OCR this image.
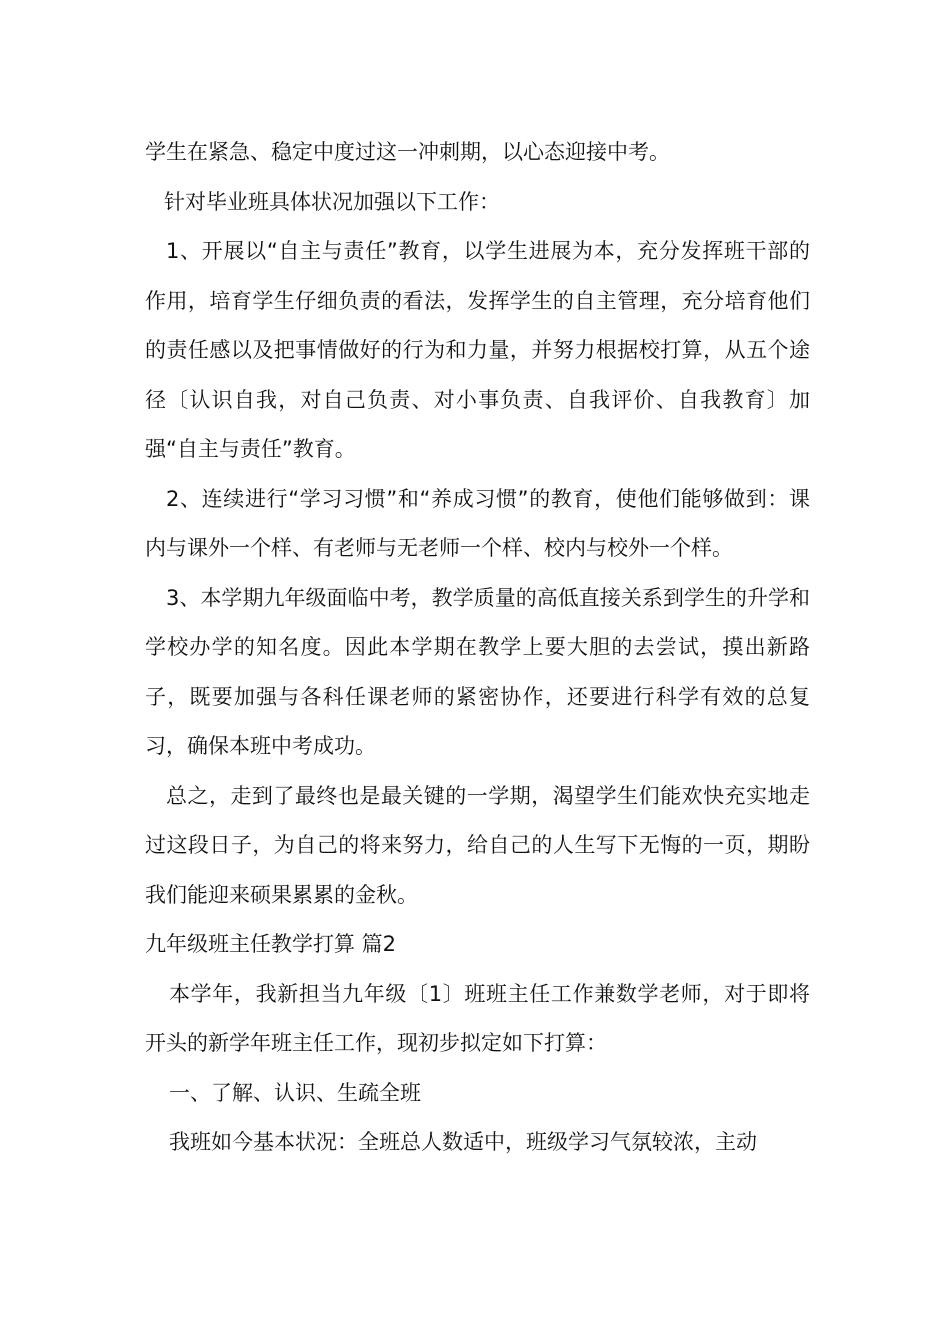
学生在紧急、稳定中度过这一冲刺期，以心态迎接中考。

针对毕业班具体状况加强以下工作：

1、开展以“自主与责任”教育，以学生进展为本，充分发挥班干部的作用，培育学生仔细负责的看法，发挥学生的自主管理，充分培育他们的责任感以及把事情做好的行为和力量，并努力根据校打算，从五个途径〔认识自我，对自己负责、对小事负责、自我评价、自我教育〕加强“自主与责任”教育。

2、连续进行“学习习惯”和“养成习惯”的教育，使他们能够做到：课内与课外一个样、有老师与无老师一个样、校内与校外一个样。

3、本学期九年级面临中考，教学质量的高低直接关系到学生的升学和学校办学的知名度。因此本学期在教学上要大胆的去尝试，摸出新路子，既要加强与各科任课老师的紧密协作，还要进行科学有效的总复习，确保本班中考成功。

总之，走到了最终也是最关键的一学期，渴望学生们能欢快充实地走过这段日子，为自己的将来努力，给自己的人生写下无悔的一页，期盼我们能迎来硕果累累的金秋。

九年级班主任教学打算 篇2

本学年，我新担当九年级〔1〕班班主任工作兼数学老师，对于即将开头的新学年班主任工作，现初步拟定如下打算：

一、了解、认识、生疏全班

我班如今基本状况：全班总人数适中，班级学习气氛较浓，主动
